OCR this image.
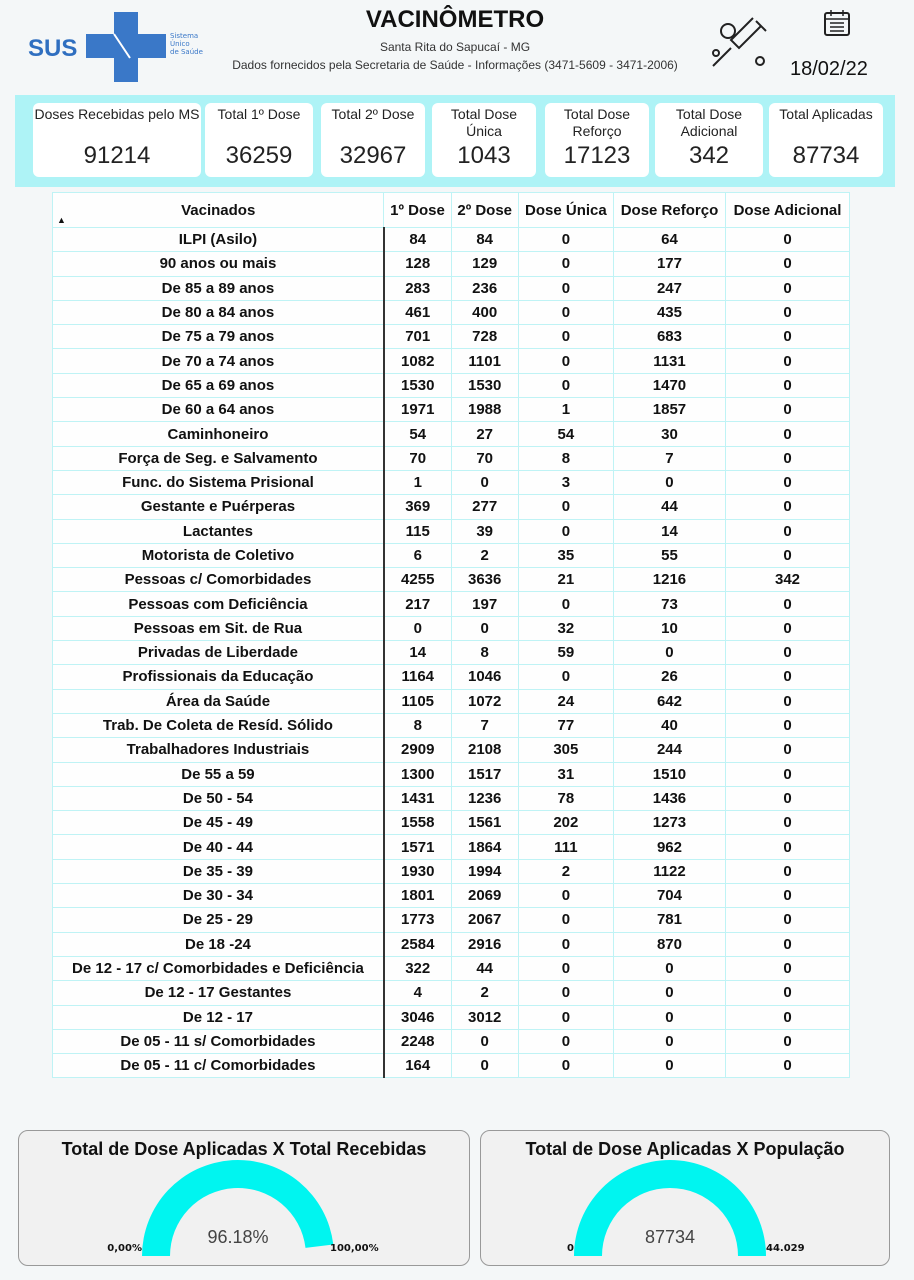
SUS	Sistema
Único
de Saúde
VACINÔMETRO
Santa Rita do Sapucaí - MG
Dados fornecidos pela Secretaria de Saúde - Informações (3471-5609 - 3471-2006)	18/02/22
Doses Recebidas pelo MS
91214
Total 1º Dose
36259
Total 2º Dose
32967
Total Dose Única
1043
Total Dose Reforço
17123
Total Dose Adicional
342
Total Aplicadas
87734
Vacinados
▲	1º Dose	2º Dose	Dose Única	Dose Reforço	Dose Adicional
ILPI (Asilo)	84	84	0	64	0
90 anos ou mais	128	129	0	177	0
De 85 a 89 anos	283	236	0	247	0
De 80 a 84 anos	461	400	0	435	0
De 75 a 79 anos	701	728	0	683	0
De 70 a 74 anos	1082	1101	0	1131	0
De 65 a 69 anos	1530	1530	0	1470	0
De 60 a 64 anos	1971	1988	1	1857	0
Caminhoneiro	54	27	54	30	0
Força de Seg. e Salvamento	70	70	8	7	0
Func. do Sistema Prisional	1	0	3	0	0
Gestante e Puérperas	369	277	0	44	0
Lactantes	115	39	0	14	0
Motorista de Coletivo	6	2	35	55	0
Pessoas c/ Comorbidades	4255	3636	21	1216	342
Pessoas com Deficiência	217	197	0	73	0
Pessoas em Sit. de Rua	0	0	32	10	0
Privadas de Liberdade	14	8	59	0	0
Profissionais da Educação	1164	1046	0	26	0
Área da Saúde	1105	1072	24	642	0
Trab. De Coleta de Resíd. Sólido	8	7	77	40	0
Trabalhadores Industriais	2909	2108	305	244	0
De 55 a 59	1300	1517	31	1510	0
De 50 - 54	1431	1236	78	1436	0
De 45 - 49	1558	1561	202	1273	0
De 40 - 44	1571	1864	111	962	0
De 35 - 39	1930	1994	2	1122	0
De 30 - 34	1801	2069	0	704	0
De 25 - 29	1773	2067	0	781	0
De 18 -24	2584	2916	0	870	0
De 12 - 17 c/ Comorbidades e Deficiência	322	44	0	0	0
De 12 - 17 Gestantes	4	2	0	0	0
De 12 - 17	3046	3012	0	0	0
De 05 - 11 s/ Comorbidades	2248	0	0	0	0
De 05 - 11 c/ Comorbidades	164	0	0	0	0
Total de Dose Aplicadas X Total Recebidas
96.18%
0,00%	100,00%
Total de Dose Aplicadas X População
87734
0	44.029
